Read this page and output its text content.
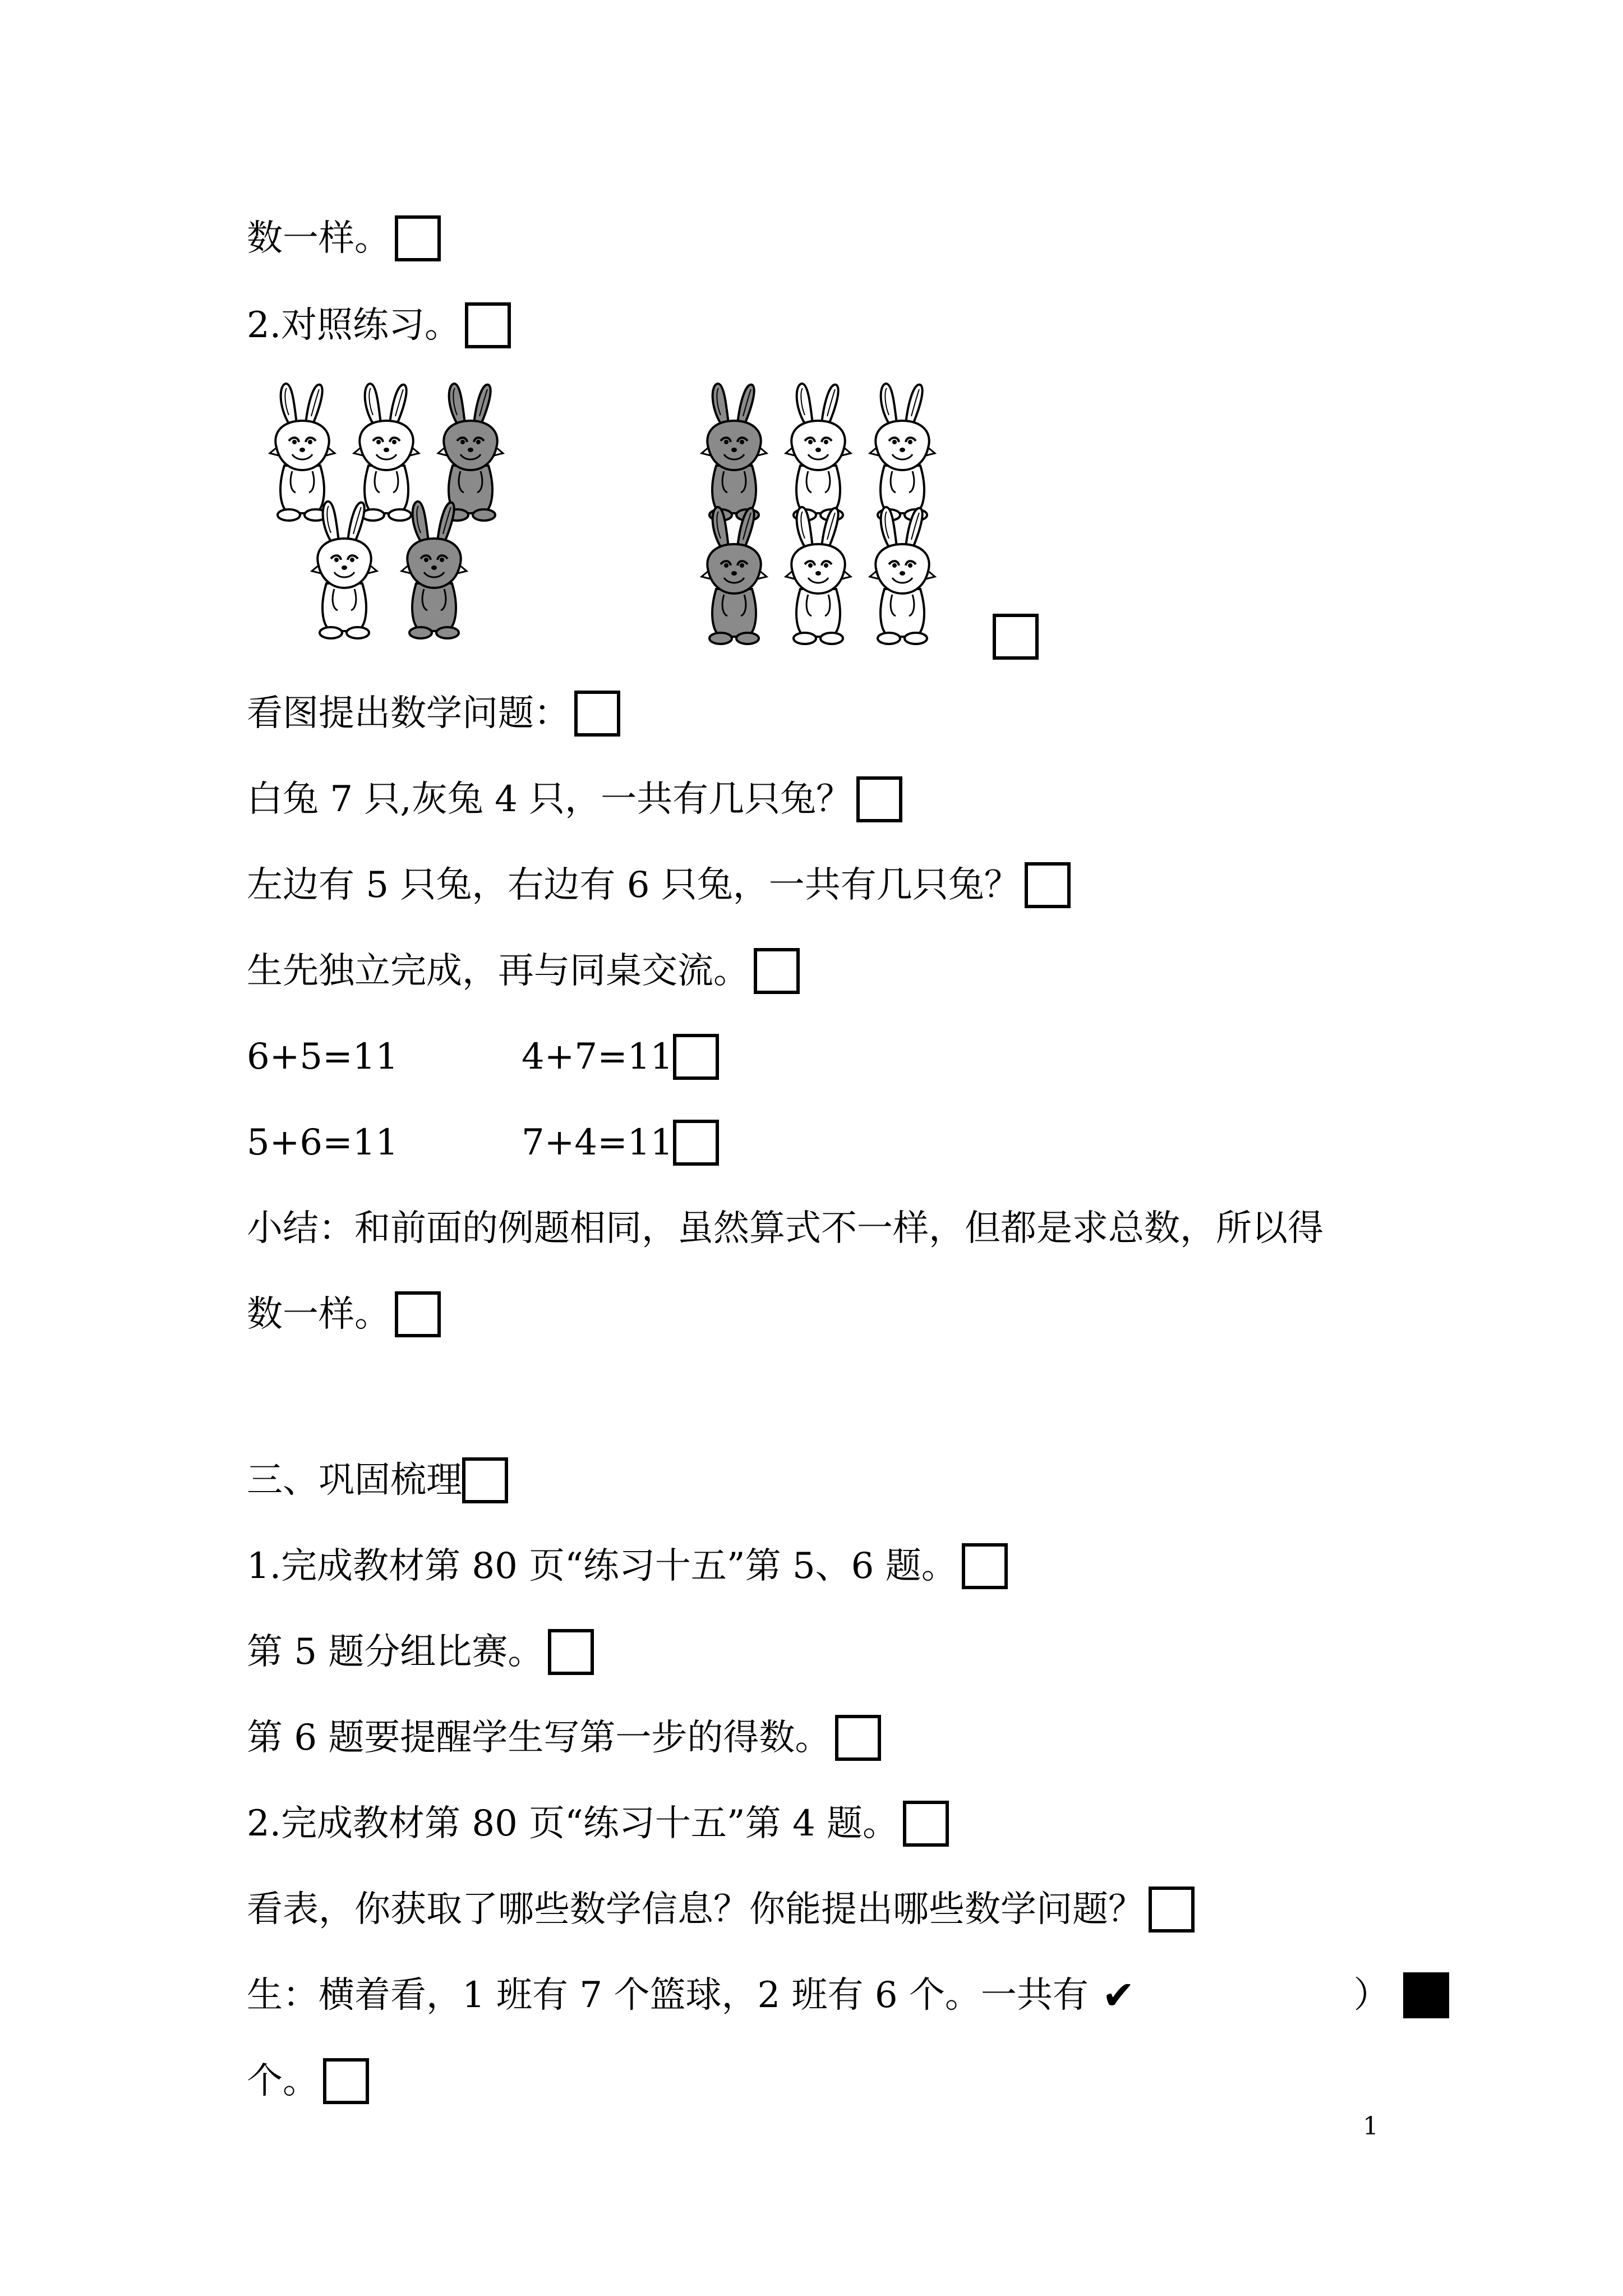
数一样。
2.对照练习。
看图提出数学问题：
白兔 7 只,灰兔 4 只，一共有几只兔？
左边有 5 只兔，右边有 6 只兔，一共有几只兔？
生先独立完成，再与同桌交流。
6+5=11	4+7=11
5+6=11	7+4=11
小结：和前面的例题相同，虽然算式不一样，但都是求总数，所以得
数一样。
三、巩固梳理
1.完成教材第 80 页“练习十五”第 5、6 题。
第 5 题分组比赛。
第 6 题要提醒学生写第一步的得数。
2.完成教材第 80 页“练习十五”第 4 题。
看表，你获取了哪些数学信息？你能提出哪些数学问题？
生：横着看，1 班有 7 个篮球，2 班有 6 个。一共有 ✔	）
个。
1
